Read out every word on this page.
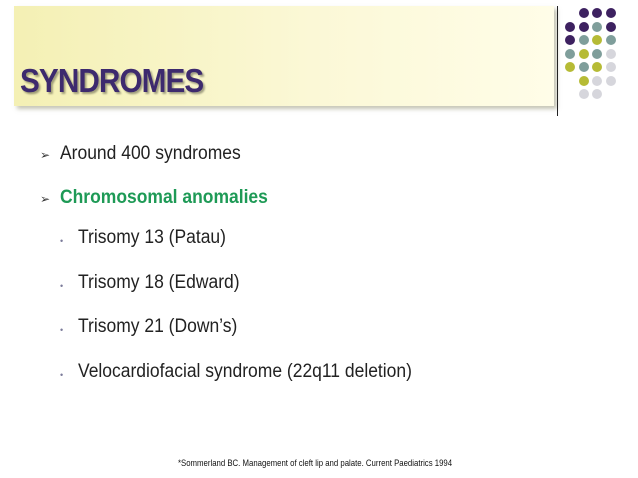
SYNDROMES
➢ Around 400 syndromes
➢ Chromosomal anomalies
• Trisomy 13 (Patau)
• Trisomy 18 (Edward)
• Trisomy 21 (Down’s)
• Velocardiofacial syndrome (22q11 deletion)
*Sommerland BC. Management of cleft lip and palate. Current Paediatrics 1994
